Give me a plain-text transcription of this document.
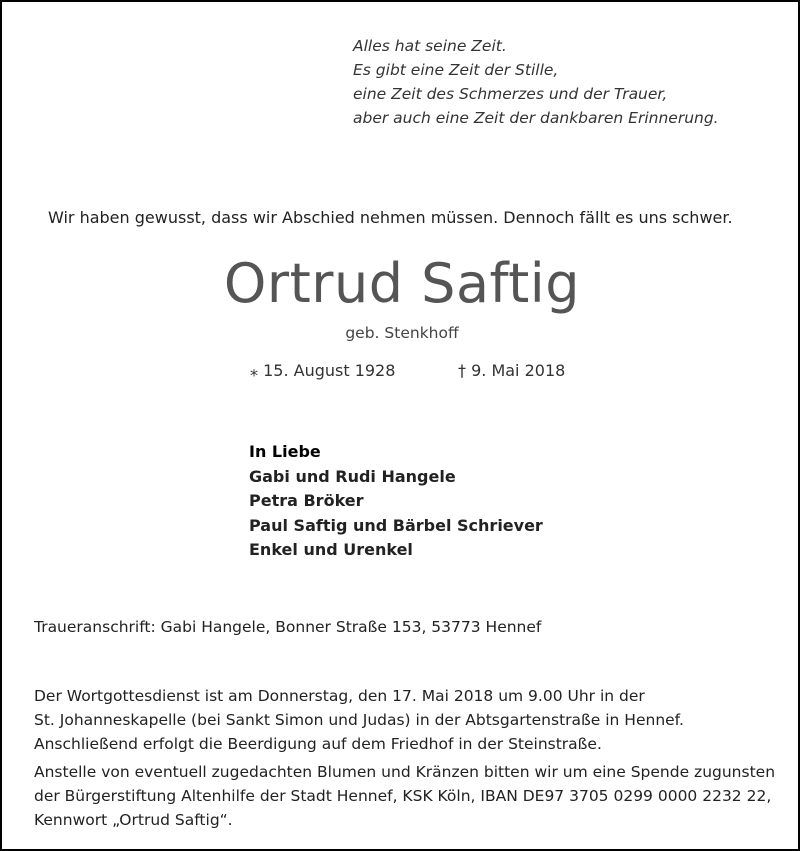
Alles hat seine Zeit.
Es gibt eine Zeit der Stille,
eine Zeit des Schmerzes und der Trauer,
aber auch eine Zeit der dankbaren Erinnerung.
Wir haben gewusst, dass wir Abschied nehmen müssen. Dennoch fällt es uns schwer.
Ortrud Saftig
geb. Stenkhoff
⁎ 15. August 1928	† 9. Mai 2018
In Liebe
Gabi und Rudi Hangele
Petra Bröker
Paul Saftig und Bärbel Schriever
Enkel und Urenkel
Traueranschrift: Gabi Hangele, Bonner Straße 153, 53773 Hennef
Der Wortgottesdienst ist am Donnerstag, den 17. Mai 2018 um 9.00 Uhr in der
St. Johanneskapelle (bei Sankt Simon und Judas) in der Abtsgartenstraße in Hennef.
Anschließend erfolgt die Beerdigung auf dem Friedhof in der Steinstraße.
Anstelle von eventuell zugedachten Blumen und Kränzen bitten wir um eine Spende zugunsten
der Bürgerstiftung Altenhilfe der Stadt Hennef, KSK Köln, IBAN DE97 3705 0299 0000 2232 22,
Kennwort „Ortrud Saftig“.
